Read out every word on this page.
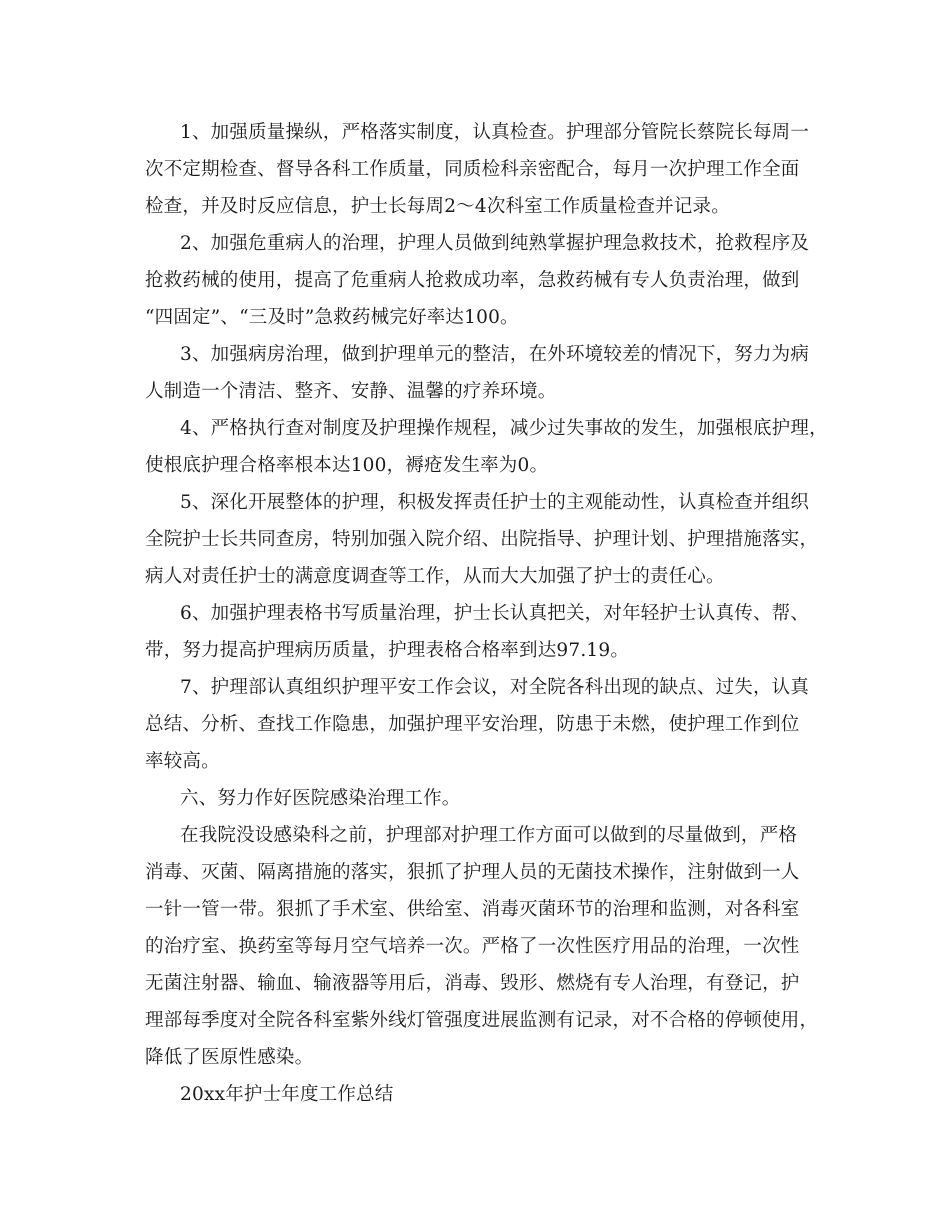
1、加强质量操纵，严格落实制度，认真检查。护理部分管院长蔡院长每周一
次不定期检查、督导各科工作质量，同质检科亲密配合，每月一次护理工作全面
检查，并及时反应信息，护士长每周2～4次科室工作质量检查并记录。
2、加强危重病人的治理，护理人员做到纯熟掌握护理急救技术，抢救程序及
抢救药械的使用，提高了危重病人抢救成功率，急救药械有专人负责治理，做到
“四固定”、“三及时”急救药械完好率达100。
3、加强病房治理，做到护理单元的整洁，在外环境较差的情况下，努力为病
人制造一个清洁、整齐、安静、温馨的疗养环境。
4、严格执行查对制度及护理操作规程，减少过失事故的发生，加强根底护理，
使根底护理合格率根本达100，褥疮发生率为0。
5、深化开展整体的护理，积极发挥责任护士的主观能动性，认真检查并组织
全院护士长共同查房，特别加强入院介绍、出院指导、护理计划、护理措施落实，
病人对责任护士的满意度调查等工作，从而大大加强了护士的责任心。
6、加强护理表格书写质量治理，护士长认真把关，对年轻护士认真传、帮、
带，努力提高护理病历质量，护理表格合格率到达97.19。
7、护理部认真组织护理平安工作会议，对全院各科出现的缺点、过失，认真
总结、分析、查找工作隐患，加强护理平安治理，防患于未燃，使护理工作到位
率较高。
六、努力作好医院感染治理工作。
在我院没设感染科之前，护理部对护理工作方面可以做到的尽量做到，严格
消毒、灭菌、隔离措施的落实，狠抓了护理人员的无菌技术操作，注射做到一人
一针一管一带。狠抓了手术室、供给室、消毒灭菌环节的治理和监测，对各科室
的治疗室、换药室等每月空气培养一次。严格了一次性医疗用品的治理，一次性
无菌注射器、输血、输液器等用后，消毒、毁形、燃烧有专人治理，有登记，护
理部每季度对全院各科室紫外线灯管强度进展监测有记录，对不合格的停顿使用，
降低了医原性感染。
20xx年护士年度工作总结
